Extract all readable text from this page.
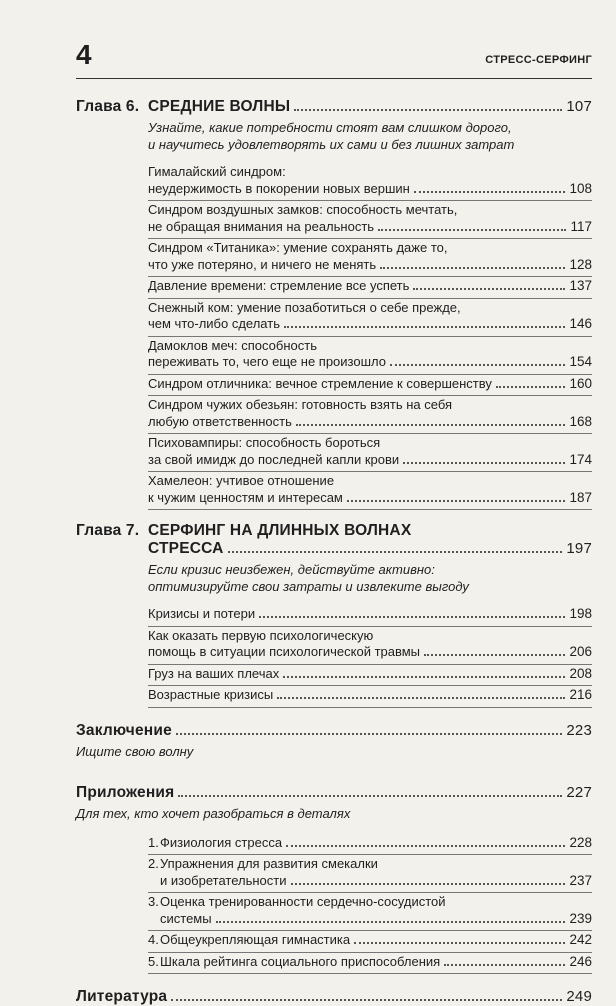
4	СТРЕСС-СЕРФИНГ
Глава 6. СРЕДНИЕ ВОЛНЫ	107
Узнайте, какие потребности стоят вам слишком дорого,
и научитесь удовлетворять их сами и без лишних затрат
Гималайский синдром:
неудержимость в покорении новых вершин	108
Синдром воздушных замков: способность мечтать,
не обращая внимания на реальность	117
Синдром «Титаника»: умение сохранять даже то,
что уже потеряно, и ничего не менять	128
Давление времени: стремление все успеть	137
Снежный ком: умение позаботиться о себе прежде,
чем что-либо сделать	146
Дамоклов меч: способность
переживать то, чего еще не произошло	154
Синдром отличника: вечное стремление к совершенству	160
Синдром чужих обезьян: готовность взять на себя
любую ответственность	168
Психовампиры: способность бороться
за свой имидж до последней капли крови	174
Хамелеон: учтивое отношение
к чужим ценностям и интересам	187
Глава 7. СЕРФИНГ НА ДЛИННЫХ ВОЛНАХ
СТРЕССА	197
Если кризис неизбежен, действуйте активно:
оптимизируйте свои затраты и извлеките выгоду
Кризисы и потери	198
Как оказать первую психологическую
помощь в ситуации психологической травмы	206
Груз на ваших плечах	208
Возрастные кризисы	216
Заключение	223
Ищите свою волну
Приложения	227
Для тех, кто хочет разобраться в деталях
1. Физиология стресса	228
2.Упражнения для развития смекалки
и изобретательности	237
3.Оценка тренированности сердечно-сосудистой
системы	239
4. Общеукрепляющая гимнастика	242
5. Шкала рейтинга социального приспособления	246
Литература	249
